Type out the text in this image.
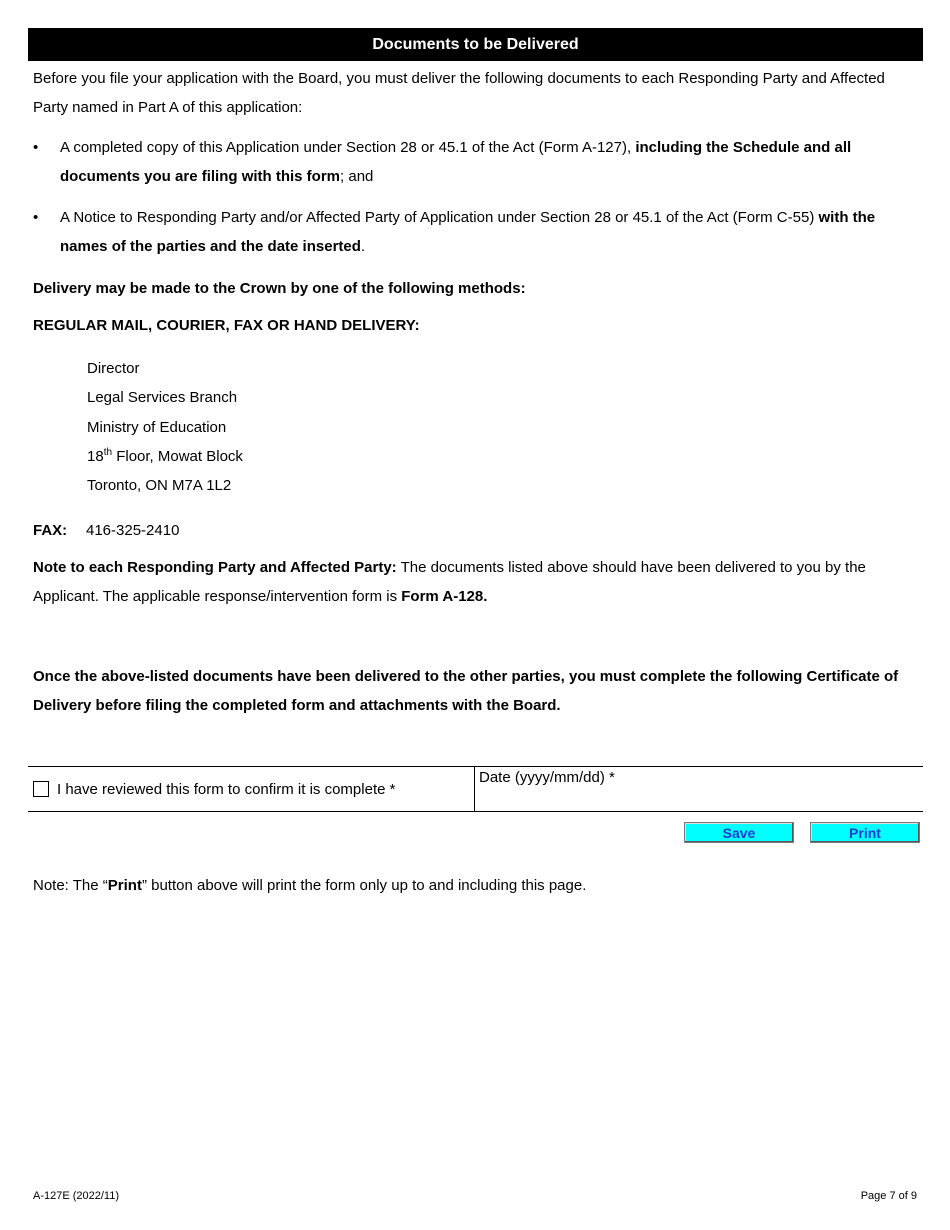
Documents to be Delivered
Before you file your application with the Board, you must deliver the following documents to each Responding Party and Affected Party named in Part A of this application:
• A completed copy of this Application under Section 28 or 45.1 of the Act (Form A-127), including the Schedule and all documents you are filing with this form; and
• A Notice to Responding Party and/or Affected Party of Application under Section 28 or 45.1 of the Act (Form C-55) with the names of the parties and the date inserted.
Delivery may be made to the Crown by one of the following methods:
REGULAR MAIL, COURIER, FAX OR HAND DELIVERY:
Director
Legal Services Branch
Ministry of Education
18th Floor, Mowat Block
Toronto, ON M7A 1L2
FAX: 416-325-2410
Note to each Responding Party and Affected Party: The documents listed above should have been delivered to you by the Applicant. The applicable response/intervention form is Form A-128.
Once the above-listed documents have been delivered to the other parties, you must complete the following Certificate of Delivery before filing the completed form and attachments with the Board.
I have reviewed this form to confirm it is complete *
Date (yyyy/mm/dd) *
Save	Print
Note: The “Print” button above will print the form only up to and including this page.
A-127E (2022/11)	Page 7 of 9
